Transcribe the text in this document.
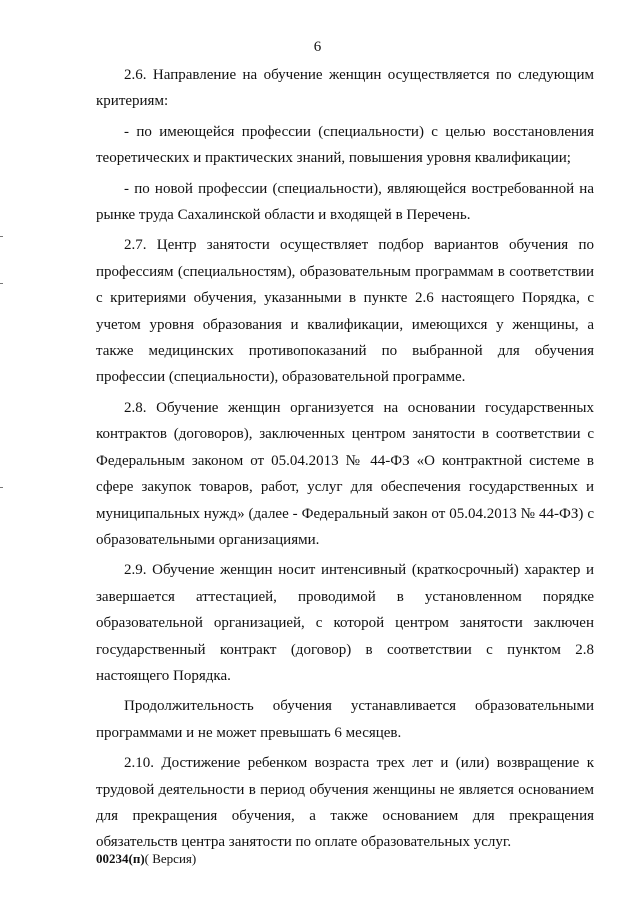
6

2.6. Направление на обучение женщин осуществляется по следующим критериям:

- по имеющейся профессии (специальности) с целью восстановления теоретических и практических знаний, повышения уровня квалификации;

- по новой профессии (специальности), являющейся востребованной на рынке труда Сахалинской области и входящей в Перечень.

2.7. Центр занятости осуществляет подбор вариантов обучения по профессиям (специальностям), образовательным программам в соответствии с критериями обучения, указанными в пункте 2.6 настоящего Порядка, с учетом уровня образования и квалификации, имеющихся у женщины, а также медицинских противопоказаний по выбранной для обучения профессии (специальности), образовательной программе.

2.8. Обучение женщин организуется на основании государственных контрактов (договоров), заключенных центром занятости в соответствии с Федеральным законом от 05.04.2013 № 44-ФЗ «О контрактной системе в сфере закупок товаров, работ, услуг для обеспечения государственных и муниципальных нужд» (далее - Федеральный закон от 05.04.2013 № 44-ФЗ) с образовательными организациями.

2.9. Обучение женщин носит интенсивный (краткосрочный) характер и завершается аттестацией, проводимой в установленном порядке образовательной организацией, с которой центром занятости заключен государственный контракт (договор) в соответствии с пунктом 2.8 настоящего Порядка.

Продолжительность обучения устанавливается образовательными программами и не может превышать 6 месяцев.

2.10. Достижение ребенком возраста трех лет и (или) возвращение к трудовой деятельности в период обучения женщины не является основанием для прекращения обучения, а также основанием для прекращения обязательств центра занятости по оплате образовательных услуг.

00234(п)( Версия)
